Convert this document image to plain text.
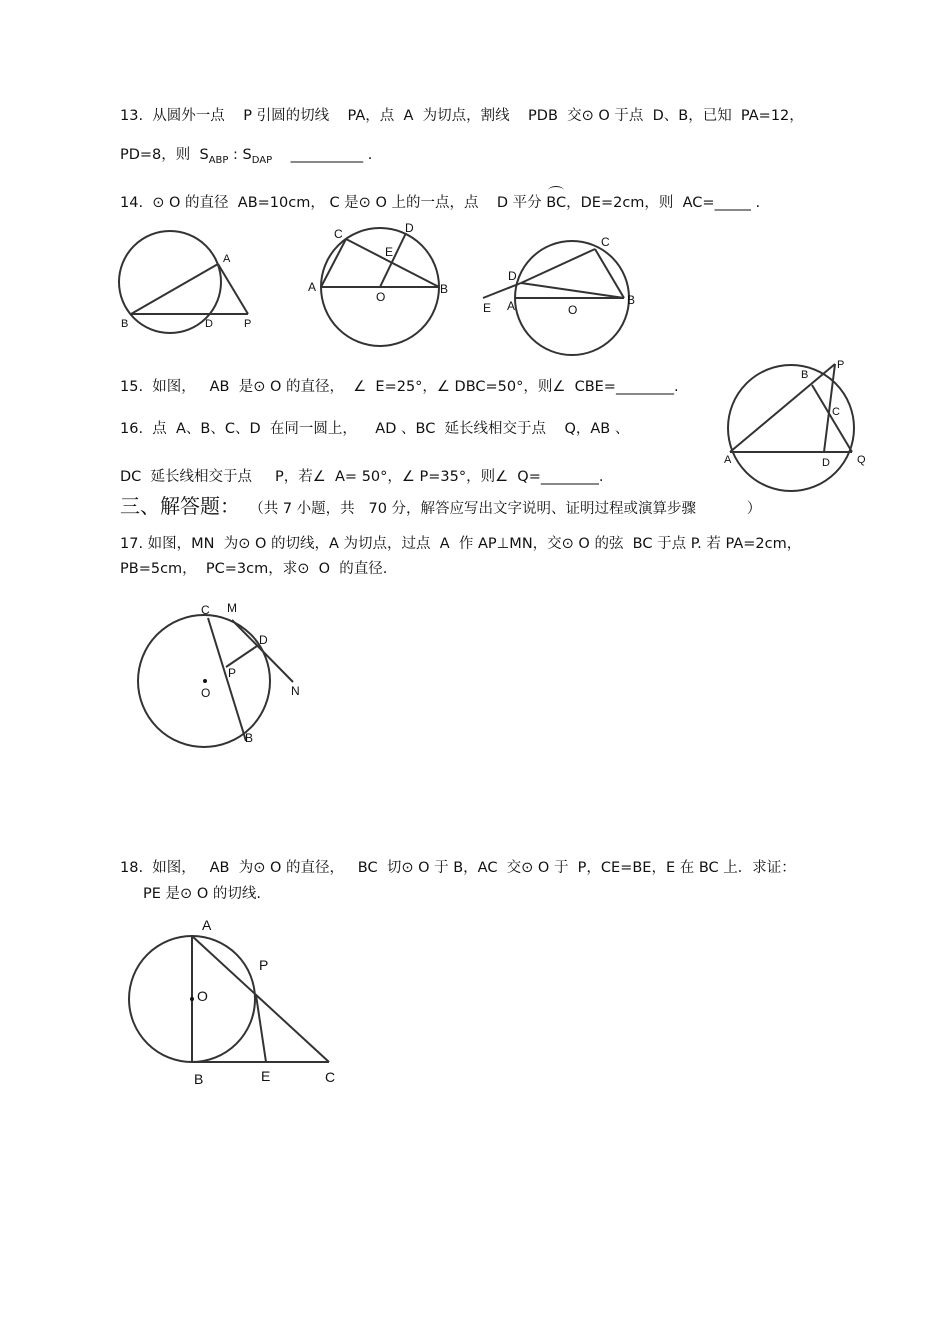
13.  从圆外一点    P 引圆的切线    PA，点  A  为切点，割线    PDB  交⊙ O 于点  D、B，已知  PA=12，
PD=8，则  $S_{ABP}$ : $S_{DAP}$    __________ .
14.  ⊙ O 的直径  AB=10cm， C 是⊙ O 上的一点，点    D 平分 BC，DE=2cm，则  AC=_____ .
A
B	D	P
C	D
E
A
O
B
D
C
E A	O
B
15.  如图，   AB  是⊙ O 的直径，  ∠  E=25°，∠ DBC=50°，则∠  CBE=________.
16.  点  A、B、C、D  在同一圆上，    AD 、BC  延长线相交于点    Q，AB 、
DC  延长线相交于点     P，若∠  A= 50°，∠ P=35°，则∠  Q=________.
P
B
C
A	D Q
三、解答题：  （共 7 小题，共   70 分，解答应写出文字说明、证明过程或演算步骤           ）
17. 如图，MN  为⊙ O 的切线，A 为切点，过点  A  作 AP⊥MN，交⊙ O 的弦  BC 于点 P. 若 PA=2cm，
PB=5cm，  PC=3cm，求⊙  O  的直径.
C M
D
P
O	N
B
18.  如图，   AB  为⊙ O 的直径，   BC  切⊙ O 于 B，AC  交⊙ O 于  P，CE=BE，E 在 BC 上．求证：
PE 是⊙ O 的切线.
A
P
O
B	E	C
